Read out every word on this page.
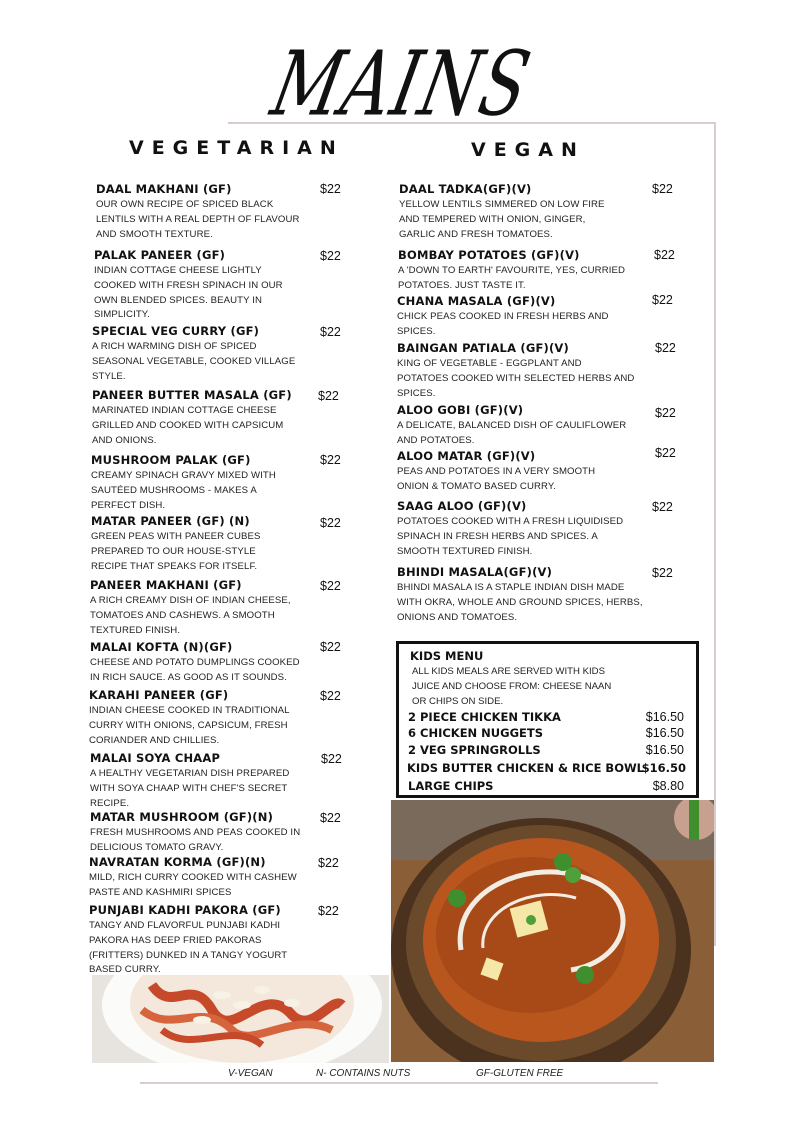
MAINS
VEGETARIAN	VEGAN
DAAL MAKHANI (GF)
OUR OWN RECIPE OF SPICED BLACK
LENTILS WITH A REAL DEPTH OF FLAVOUR
AND SMOOTH TEXTURE.
$22
PALAK PANEER (GF)
INDIAN COTTAGE CHEESE LIGHTLY
COOKED WITH FRESH SPINACH IN OUR
OWN BLENDED SPICES. BEAUTY IN
SIMPLICITY.
$22
SPECIAL VEG CURRY (GF)
A RICH WARMING DISH OF SPICED
SEASONAL VEGETABLE, COOKED VILLAGE
STYLE.
$22
PANEER BUTTER MASALA (GF)
MARINATED INDIAN COTTAGE CHEESE
GRILLED AND COOKED WITH CAPSICUM
AND ONIONS.
$22
MUSHROOM PALAK (GF)
CREAMY SPINACH GRAVY MIXED WITH
SAUTÉED MUSHROOMS - MAKES A
PERFECT DISH.
$22
MATAR PANEER (GF) (N)
GREEN PEAS WITH PANEER CUBES
PREPARED TO OUR HOUSE-STYLE
RECIPE THAT SPEAKS FOR ITSELF.
$22
PANEER MAKHANI (GF)
A RICH CREAMY DISH OF INDIAN CHEESE,
TOMATOES AND CASHEWS. A SMOOTH
TEXTURED FINISH.
$22
MALAI KOFTA (N)(GF)
CHEESE AND POTATO DUMPLINGS COOKED
IN RICH SAUCE. AS GOOD AS IT SOUNDS.
$22
KARAHI PANEER (GF)
INDIAN CHEESE COOKED IN TRADITIONAL
CURRY WITH ONIONS, CAPSICUM, FRESH
CORIANDER AND CHILLIES.
$22
MALAI SOYA CHAAP
A HEALTHY VEGETARIAN DISH PREPARED
WITH SOYA CHAAP WITH CHEF'S SECRET
RECIPE.
$22
MATAR MUSHROOM (GF)(N)
FRESH MUSHROOMS AND PEAS COOKED IN
DELICIOUS TOMATO GRAVY.
$22
NAVRATAN KORMA (GF)(N)
MILD, RICH CURRY COOKED WITH CASHEW
PASTE AND KASHMIRI SPICES
$22
PUNJABI KADHI PAKORA (GF)
TANGY AND FLAVORFUL PUNJABI KADHI
PAKORA HAS DEEP FRIED PAKORAS
(FRITTERS) DUNKED IN A TANGY YOGURT
BASED CURRY.
$22
DAAL TADKA(GF)(V)
YELLOW LENTILS SIMMERED ON LOW FIRE
AND TEMPERED WITH ONION, GINGER,
GARLIC AND FRESH TOMATOES.
$22
BOMBAY POTATOES (GF)(V)
A 'DOWN TO EARTH' FAVOURITE, YES, CURRIED
POTATOES. JUST TASTE IT.
$22
CHANA MASALA (GF)(V)
CHICK PEAS COOKED IN FRESH HERBS AND
SPICES.
$22
BAINGAN PATIALA (GF)(V)
KING OF VEGETABLE - EGGPLANT AND
POTATOES COOKED WITH SELECTED HERBS AND
SPICES.
$22
ALOO GOBI (GF)(V)
A DELICATE, BALANCED DISH OF CAULIFLOWER
AND POTATOES.
$22
ALOO MATAR (GF)(V)
PEAS AND POTATOES IN A VERY SMOOTH
ONION & TOMATO BASED CURRY.
$22
SAAG ALOO (GF)(V)
POTATOES COOKED WITH A FRESH LIQUIDISED
SPINACH IN FRESH HERBS AND SPICES. A
SMOOTH TEXTURED FINISH.
$22
BHINDI MASALA(GF)(V)
BHINDI MASALA IS A STAPLE INDIAN DISH MADE
WITH OKRA, WHOLE AND GROUND SPICES, HERBS,
ONIONS AND TOMATOES.
$22
KIDS MENU
ALL KIDS MEALS ARE SERVED WITH KIDS
JUICE AND CHOOSE FROM: CHEESE NAAN
OR CHIPS ON SIDE.
2 PIECE CHICKEN TIKKA	$16.50
6 CHICKEN NUGGETS	$16.50
2 VEG SPRINGROLLS	$16.50
KIDS BUTTER CHICKEN & RICE BOWL
$16.50
LARGE CHIPS	$8.80
V-VEGAN	N- CONTAINS NUTS	GF-GLUTEN FREE
